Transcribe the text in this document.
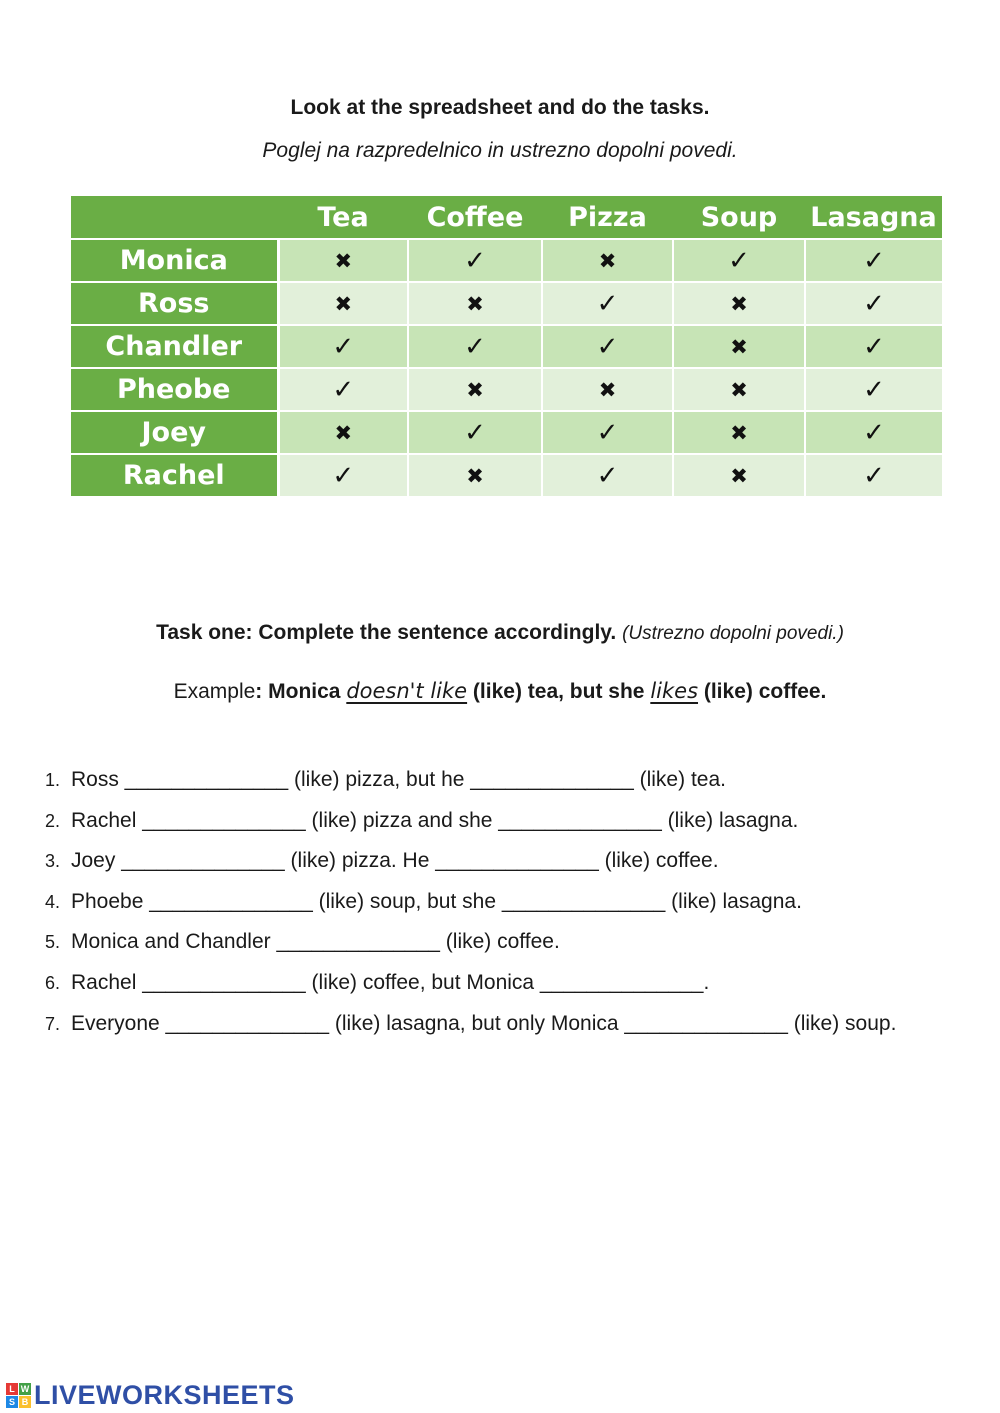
Look at the spreadsheet and do the tasks.
Poglej na razpredelnico in ustrezno dopolni povedi.
	Tea	Coffee	Pizza	Soup	Lasagna
Monica	✖	✓	✖	✓	✓
Ross	✖	✖	✓	✖	✓
Chandler	✓	✓	✓	✖	✓
Pheobe	✓	✖	✖	✖	✓
Joey	✖	✓	✓	✖	✓
Rachel	✓	✖	✓	✖	✓
Task one: Complete the sentence accordingly. (Ustrezno dopolni povedi.)
Example: Monica doesn't like (like) tea, but she likes (like) coffee.
1. Ross ______________ (like) pizza, but he ______________ (like) tea.
2. Rachel ______________ (like) pizza and she ______________ (like) lasagna.
3. Joey ______________ (like) pizza. He ______________ (like) coffee.
4. Phoebe ______________ (like) soup, but she ______________ (like) lasagna.
5. Monica and Chandler ______________ (like) coffee.
6. Rachel ______________ (like) coffee, but Monica ______________.
7. Everyone ______________ (like) lasagna, but only Monica ______________ (like) soup.
L W
S B LIVEWORKSHEETS
